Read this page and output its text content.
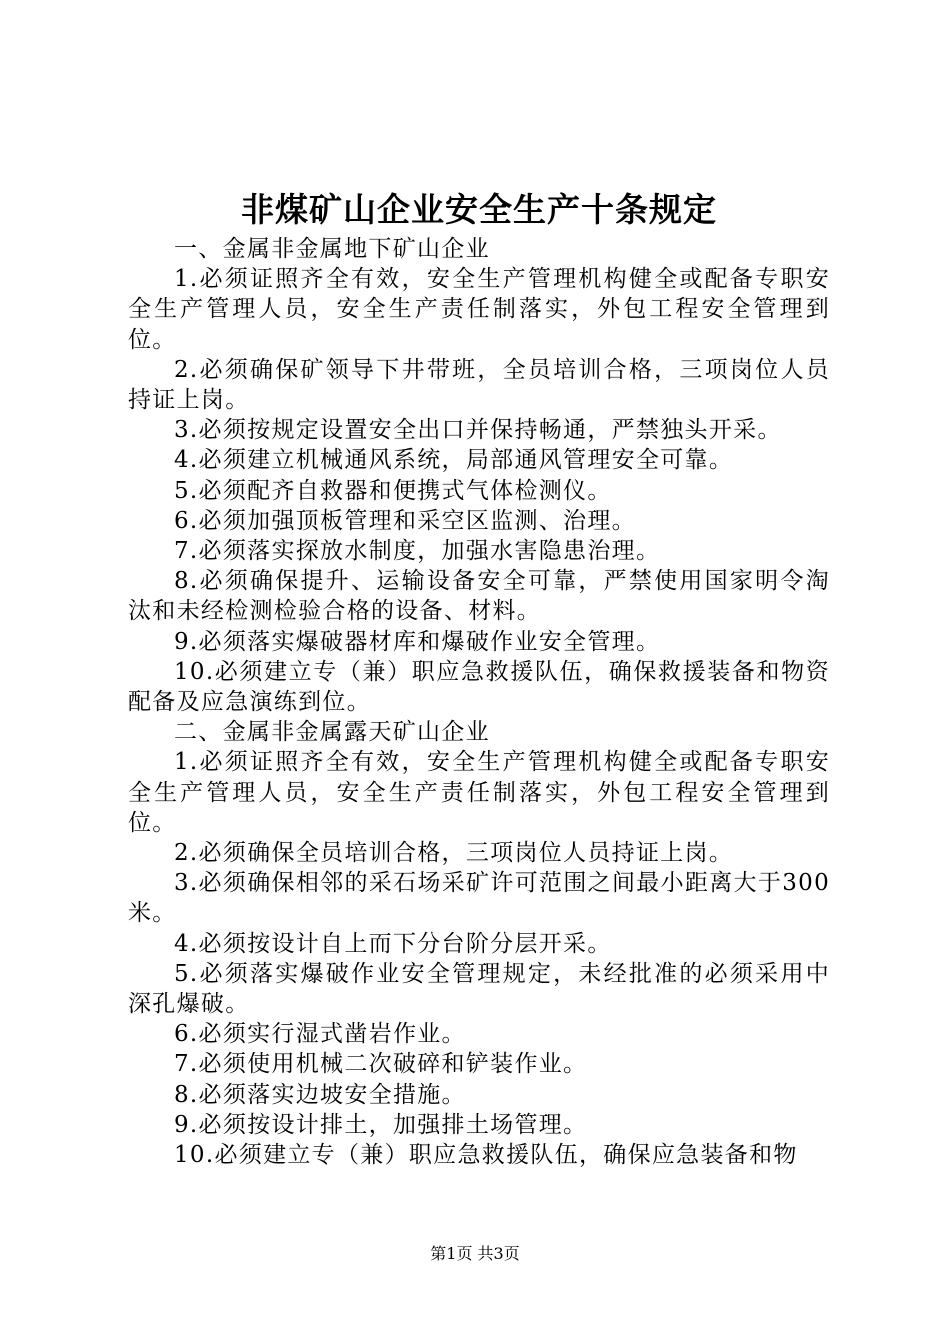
非煤矿山企业安全生产十条规定

一、金属非金属地下矿山企业

1.必须证照齐全有效，安全生产管理机构健全或配备专职安全生产管理人员，安全生产责任制落实，外包工程安全管理到位。

2.必须确保矿领导下井带班，全员培训合格，三项岗位人员持证上岗。

3.必须按规定设置安全出口并保持畅通，严禁独头开采。

4.必须建立机械通风系统，局部通风管理安全可靠。

5.必须配齐自救器和便携式气体检测仪。

6.必须加强顶板管理和采空区监测、治理。

7.必须落实探放水制度，加强水害隐患治理。

8.必须确保提升、运输设备安全可靠，严禁使用国家明令淘汰和未经检测检验合格的设备、材料。

9.必须落实爆破器材库和爆破作业安全管理。

10.必须建立专（兼）职应急救援队伍，确保救援装备和物资配备及应急演练到位。

二、金属非金属露天矿山企业

1.必须证照齐全有效，安全生产管理机构健全或配备专职安全生产管理人员，安全生产责任制落实，外包工程安全管理到位。

2.必须确保全员培训合格，三项岗位人员持证上岗。

3.必须确保相邻的采石场采矿许可范围之间最小距离大于300米。

4.必须按设计自上而下分台阶分层开采。

5.必须落实爆破作业安全管理规定，未经批准的必须采用中深孔爆破。

6.必须实行湿式凿岩作业。

7.必须使用机械二次破碎和铲装作业。

8.必须落实边坡安全措施。

9.必须按设计排土，加强排土场管理。

10.必须建立专（兼）职应急救援队伍，确保应急装备和物

第1页 共3页
